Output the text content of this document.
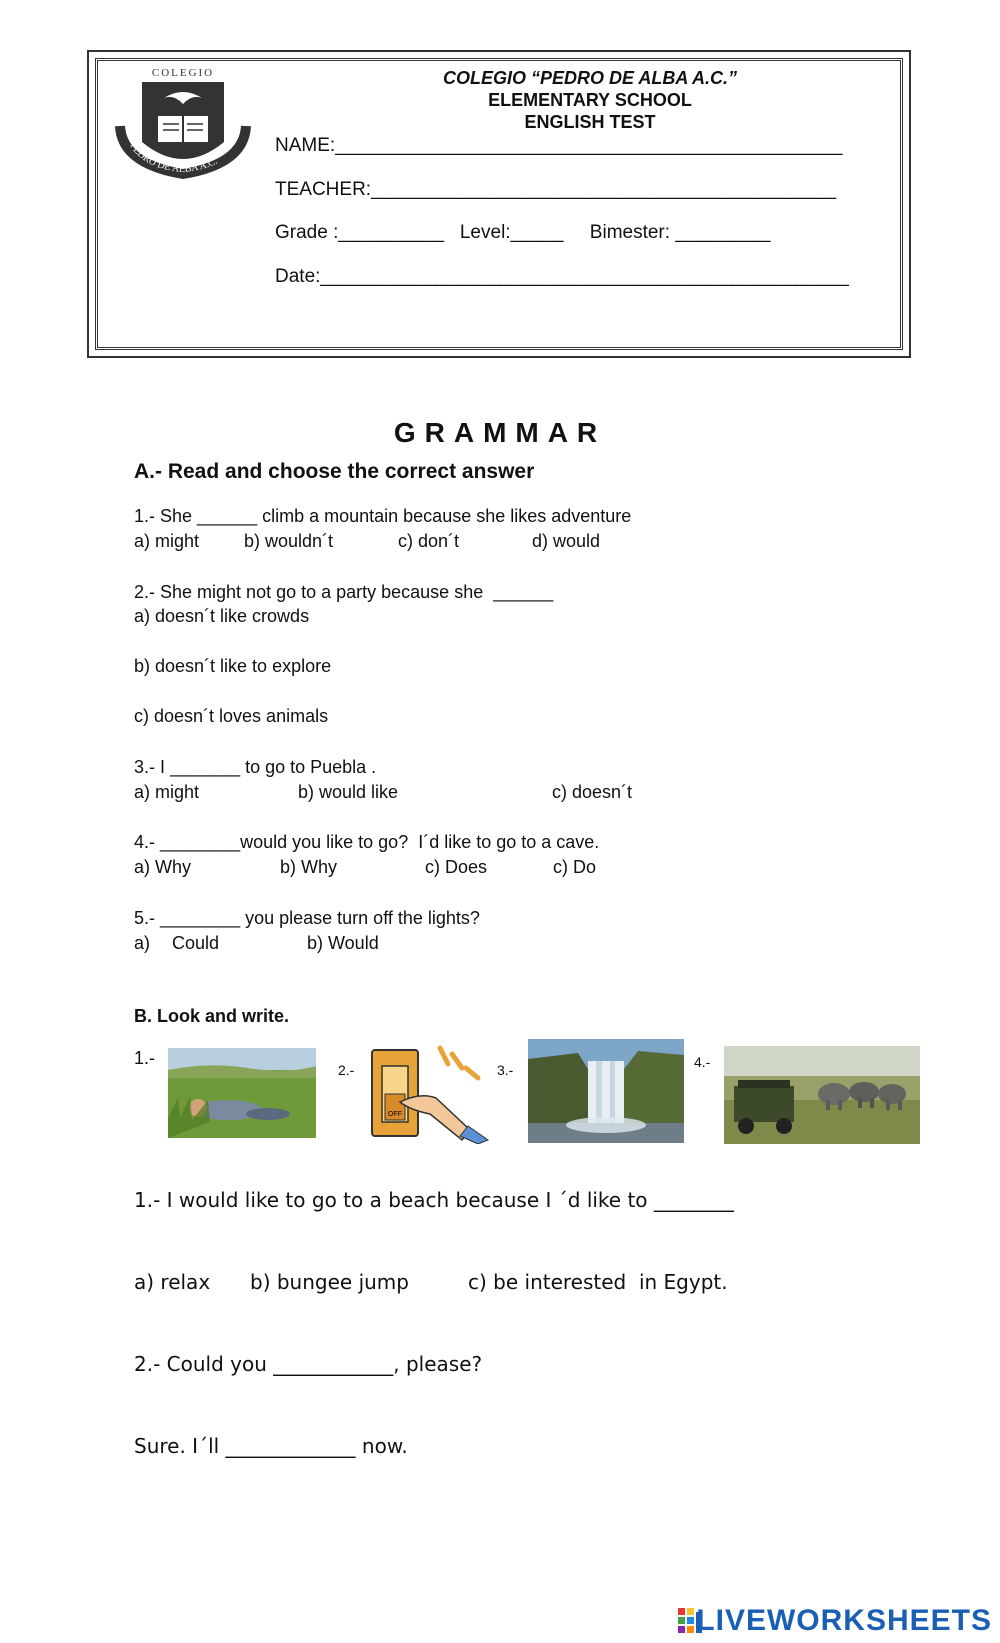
PEDRO DE ALBA A.C.
COLEGIO	COLEGIO “PEDRO DE ALBA A.C.”
ELEMENTARY SCHOOL
ENGLISH TEST
NAME:________________________________________________
TEACHER:____________________________________________
Grade :__________   Level:_____     Bimester: _________
Date:__________________________________________________
GRAMMAR
A.- Read and choose the correct answer
1.- She ______ climb a mountain because she likes adventure
a) might b) wouldn´t	c) don´t	d) would
2.- She might not go to a party because she  ______
a) doesn´t like crowds
b) doesn´t like to explore
c) doesn´t loves animals
3.- I _______ to go to Puebla .
a) might	b) would like	c) doesn´t
4.- ________would you like to go?  I´d like to go to a cave.
a) Why	b) Why	c) Does	c) Do
5.- ________ you please turn off the lights?
a) Could	b) Would
B. Look and write.
1.-
2.-
OFF
3.-	4.-
1.- I would like to go to a beach because I ´d like to ________
a) relax b) bungee jump	c) be interested  in Egypt.
2.- Could you ____________, please?
Sure. I´ll _____________ now.
LIVEWORKSHEETS
